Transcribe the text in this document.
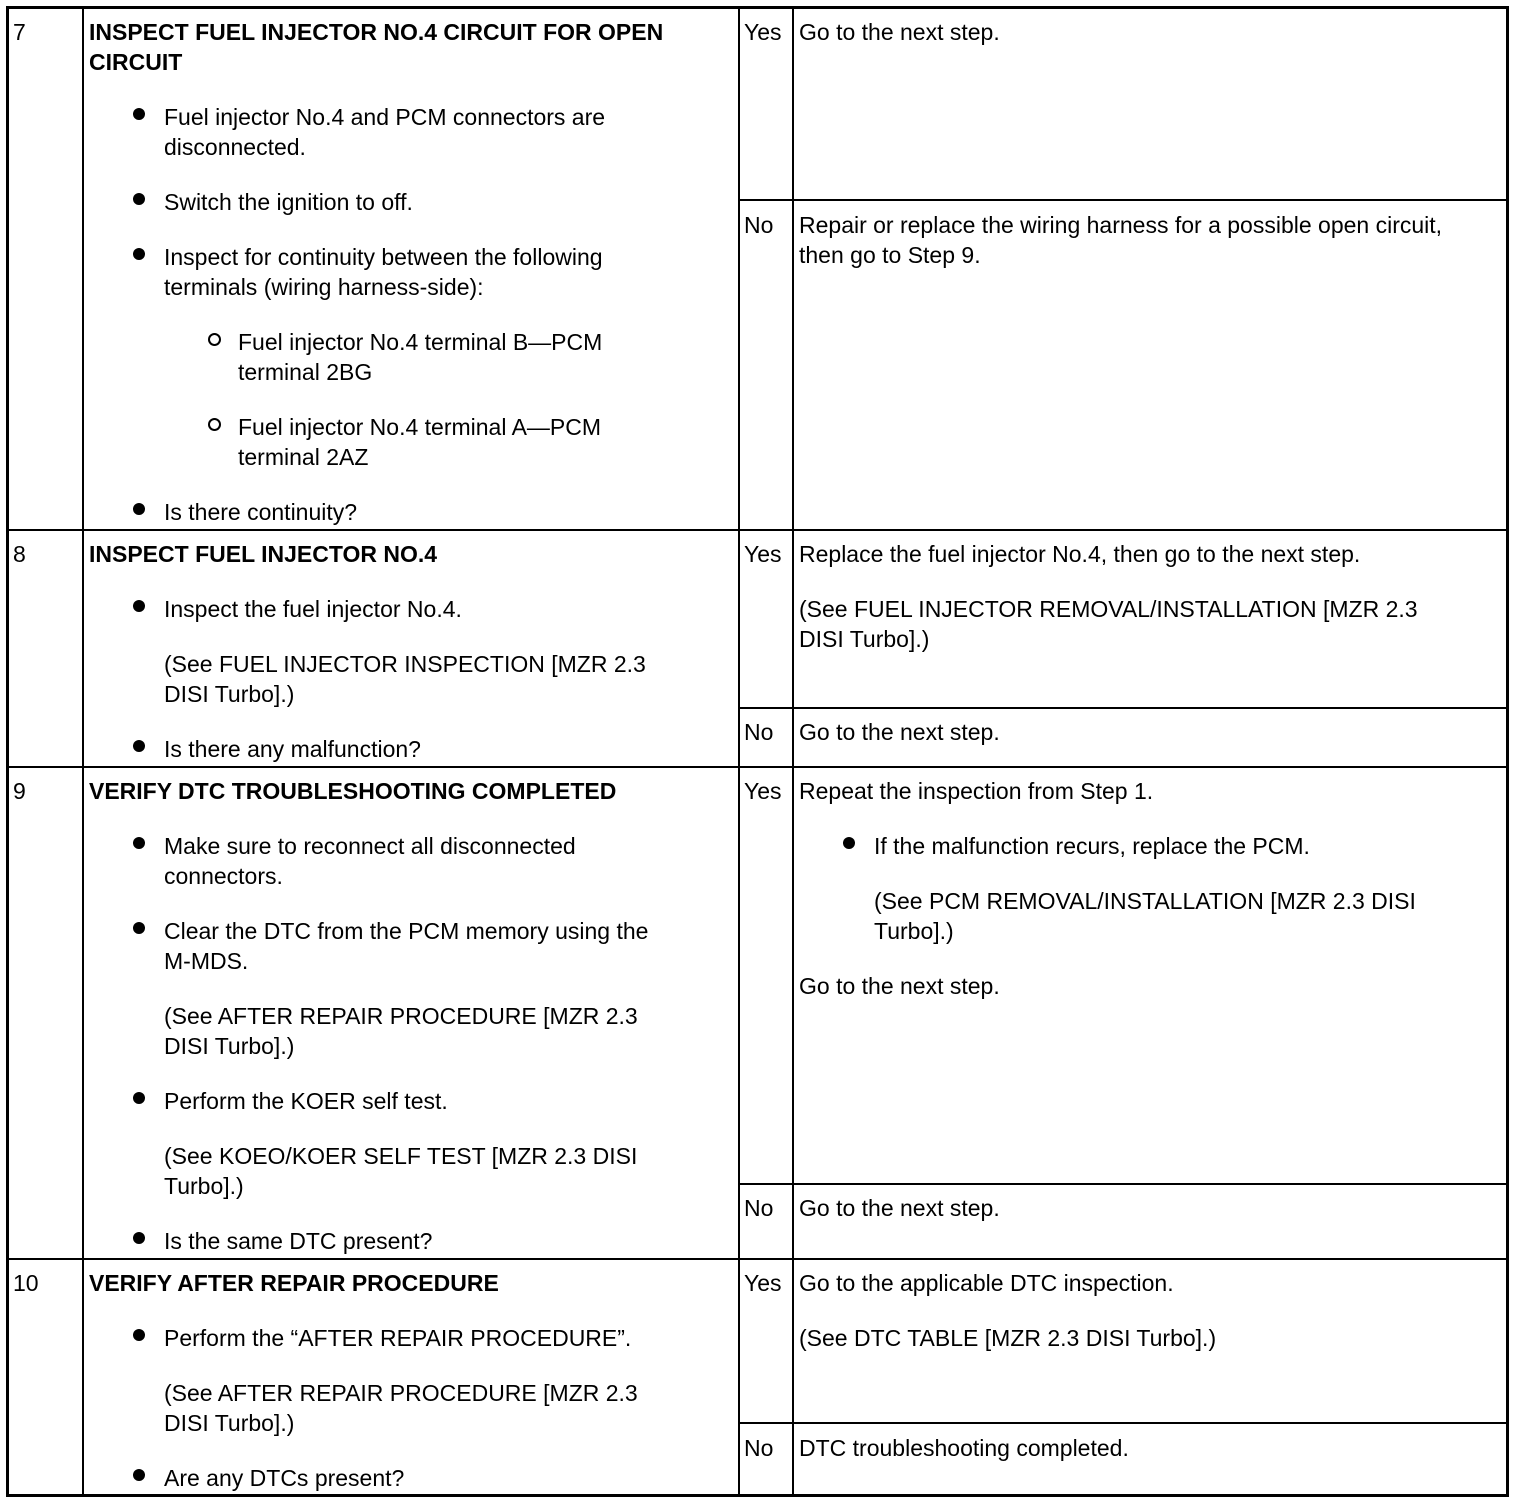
7	INSPECT FUEL INJECTOR NO.4 CIRCUIT FOR OPEN
CIRCUIT
Fuel injector No.4 and PCM connectors are
disconnected.
Switch the ignition to off.
Inspect for continuity between the following
terminals (wiring harness-side):
Fuel injector No.4 terminal B—PCM
terminal 2BG
Fuel injector No.4 terminal A—PCM
terminal 2AZ
Is there continuity?
Yes Go to the next step.
No Repair or replace the wiring harness for a possible open circuit,
then go to Step 9.
8	INSPECT FUEL INJECTOR NO.4
Inspect the fuel injector No.4.
(See FUEL INJECTOR INSPECTION [MZR 2.3
DISI Turbo].)
Is there any malfunction?
Yes Replace the fuel injector No.4, then go to the next step.
(See FUEL INJECTOR REMOVAL/INSTALLATION [MZR 2.3
DISI Turbo].)
No Go to the next step.
9	VERIFY DTC TROUBLESHOOTING COMPLETED
Make sure to reconnect all disconnected
connectors.
Clear the DTC from the PCM memory using the
M-MDS.
(See AFTER REPAIR PROCEDURE [MZR 2.3
DISI Turbo].)
Perform the KOER self test.
(See KOEO/KOER SELF TEST [MZR 2.3 DISI
Turbo].)
Is the same DTC present?
Yes Repeat the inspection from Step 1.
If the malfunction recurs, replace the PCM.
(See PCM REMOVAL/INSTALLATION [MZR 2.3 DISI
Turbo].)
Go to the next step.
No Go to the next step.
10 VERIFY AFTER REPAIR PROCEDURE
Perform the “AFTER REPAIR PROCEDURE”.
(See AFTER REPAIR PROCEDURE [MZR 2.3
DISI Turbo].)
Are any DTCs present?
Yes Go to the applicable DTC inspection.
(See DTC TABLE [MZR 2.3 DISI Turbo].)
No DTC troubleshooting completed.
